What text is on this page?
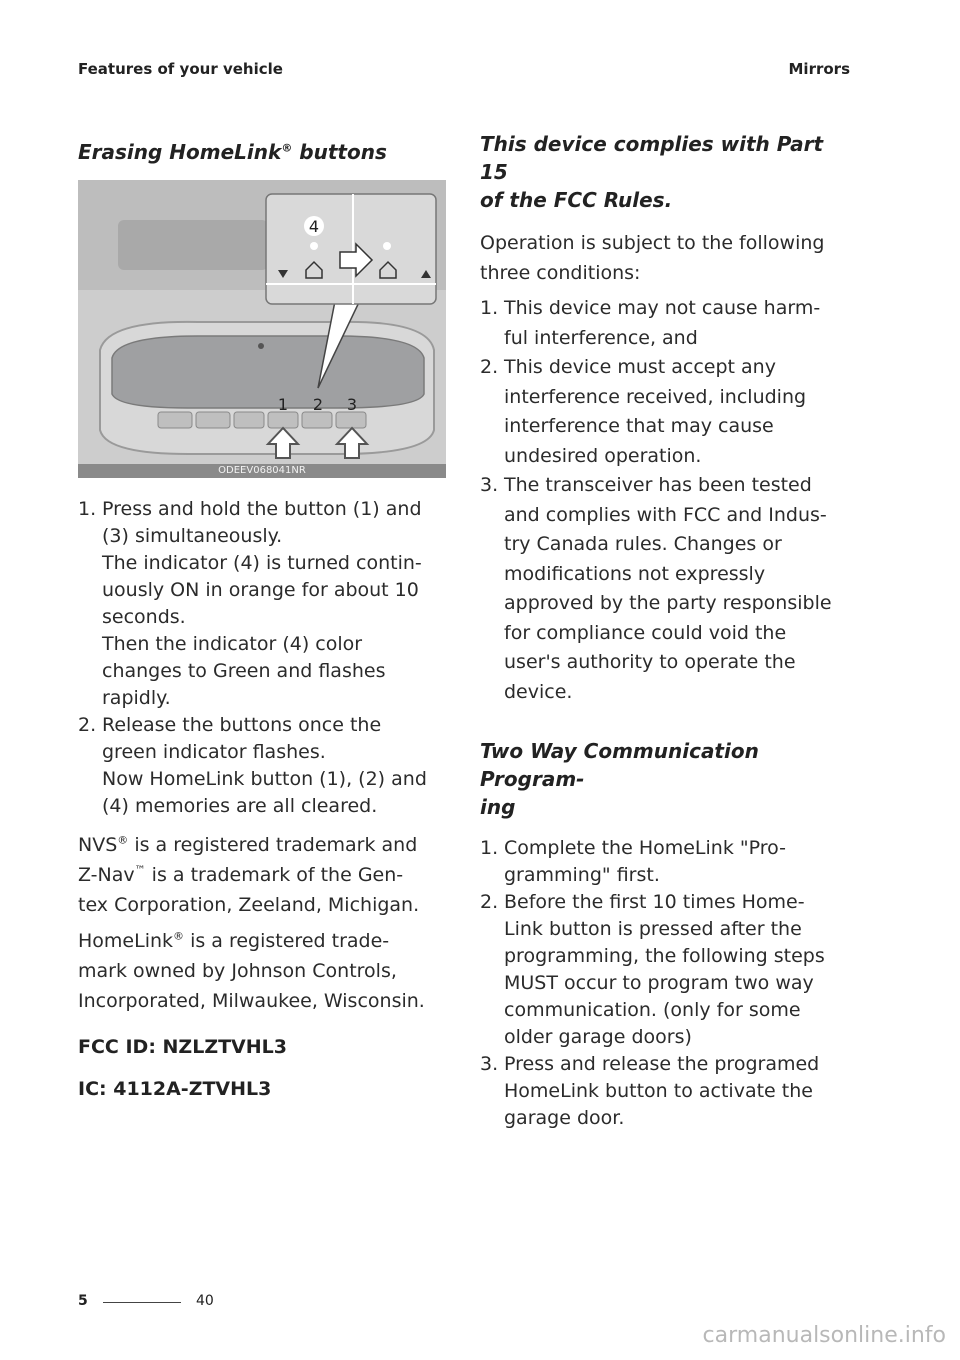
Features of your vehicle	Mirrors
Erasing HomeLink® buttons
4
1 2 3
ODEEV068041NR
1. Press and hold the button (1) and
(3) simultaneously.
The indicator (4) is turned contin-
uously ON in orange for about 10
seconds.
Then the indicator (4) color
changes to Green and flashes
rapidly.
2. Release the buttons once the
green indicator flashes.
Now HomeLink button (1), (2) and
(4) memories are all cleared.
NVS® is a registered trademark and
Z-Nav™ is a trademark of the Gen-
tex Corporation, Zeeland, Michigan.
HomeLink® is a registered trade-
mark owned by Johnson Controls,
Incorporated, Milwaukee, Wisconsin.
FCC ID: NZLZTVHL3
IC: 4112A-ZTVHL3
This device complies with Part 15
of the FCC Rules.
Operation is subject to the following
three conditions:
1. This device may not cause harm-
ful interference, and
2. This device must accept any
interference received, including
interference that may cause
undesired operation.
3. The transceiver has been tested
and complies with FCC and Indus-
try Canada rules. Changes or
modifications not expressly
approved by the party responsible
for compliance could void the
user's authority to operate the
device.
Two Way Communication Program-
ing
1. Complete the HomeLink "Pro-
gramming" first.
2. Before the first 10 times Home-
Link button is pressed after the
programming, the following steps
MUST occur to program two way
communication. (only for some
older garage doors)
3. Press and release the programed
HomeLink button to activate the
garage door.
5	40
carmanualsonline.info
